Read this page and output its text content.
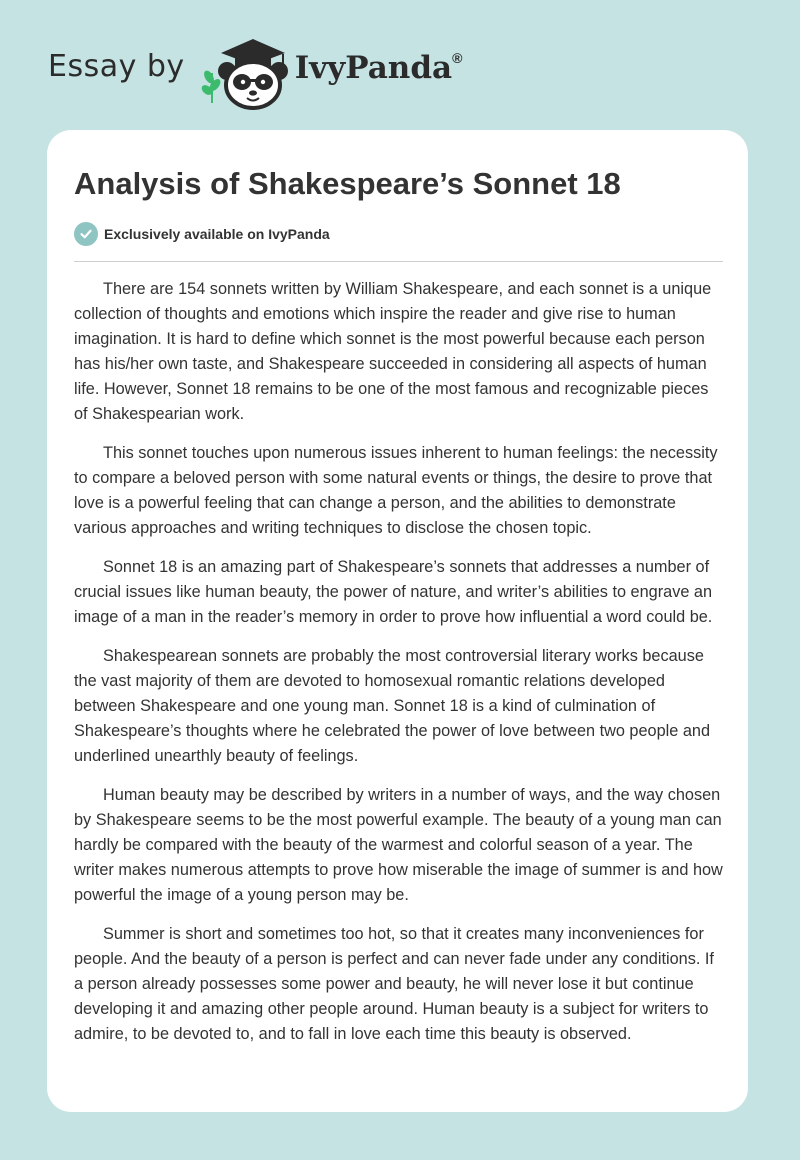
Essay by	IvyPanda®
Analysis of Shakespeare’s Sonnet 18
Exclusively available on IvyPanda

There are 154 sonnets written by William Shakespeare, and each sonnet is a unique collection of thoughts and emotions which inspire the reader and give rise to human imagination. It is hard to define which sonnet is the most powerful because each person has his/her own taste, and Shakespeare succeeded in considering all aspects of human life. However, Sonnet 18 remains to be one of the most famous and recognizable pieces of Shakespearian work.

This sonnet touches upon numerous issues inherent to human feelings: the necessity to compare a beloved person with some natural events or things, the desire to prove that love is a powerful feeling that can change a person, and the abilities to demonstrate various approaches and writing techniques to disclose the chosen topic.

Sonnet 18 is an amazing part of Shakespeare’s sonnets that addresses a number of crucial issues like human beauty, the power of nature, and writer’s abilities to engrave an image of a man in the reader’s memory in order to prove how influential a word could be.

Shakespearean sonnets are probably the most controversial literary works because the vast majority of them are devoted to homosexual romantic relations developed between Shakespeare and one young man. Sonnet 18 is a kind of culmination of Shakespeare’s thoughts where he celebrated the power of love between two people and underlined unearthly beauty of feelings.

Human beauty may be described by writers in a number of ways, and the way chosen by Shakespeare seems to be the most powerful example. The beauty of a young man can hardly be compared with the beauty of the warmest and colorful season of a year. The writer makes numerous attempts to prove how miserable the image of summer is and how powerful the image of a young person may be.

Summer is short and sometimes too hot, so that it creates many inconveniences for people. And the beauty of a person is perfect and can never fade under any conditions. If a person already possesses some power and beauty, he will never lose it but continue developing it and amazing other people around. Human beauty is a subject for writers to admire, to be devoted to, and to fall in love each time this beauty is observed.
